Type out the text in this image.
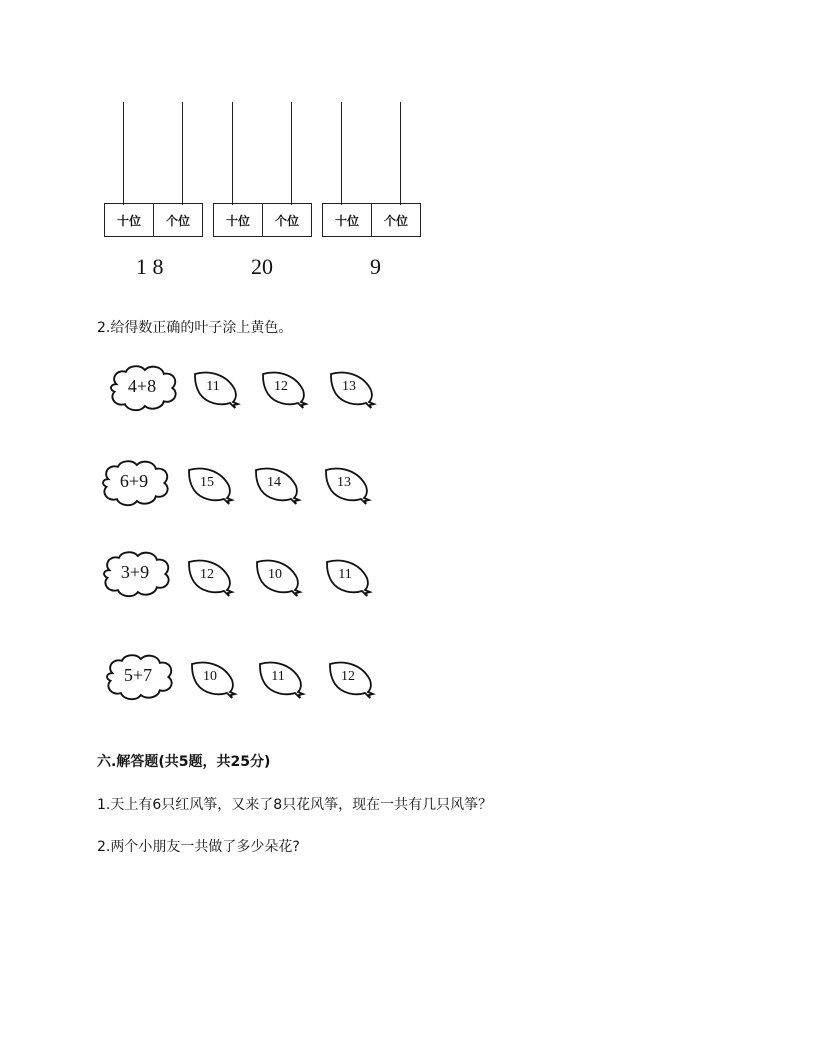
十位	个位
1 8
十位	个位
20
十位	个位
9
2.给得数正确的叶子涂上黄色。
六.解答题(共5题，共25分)
1.天上有6只红风筝，又来了8只花风筝，现在一共有几只风筝？
2.两个小朋友一共做了多少朵花?
4+8	11	12	13
6+9	15	14	13
3+9	12	10	11
5+7	10	11	12
